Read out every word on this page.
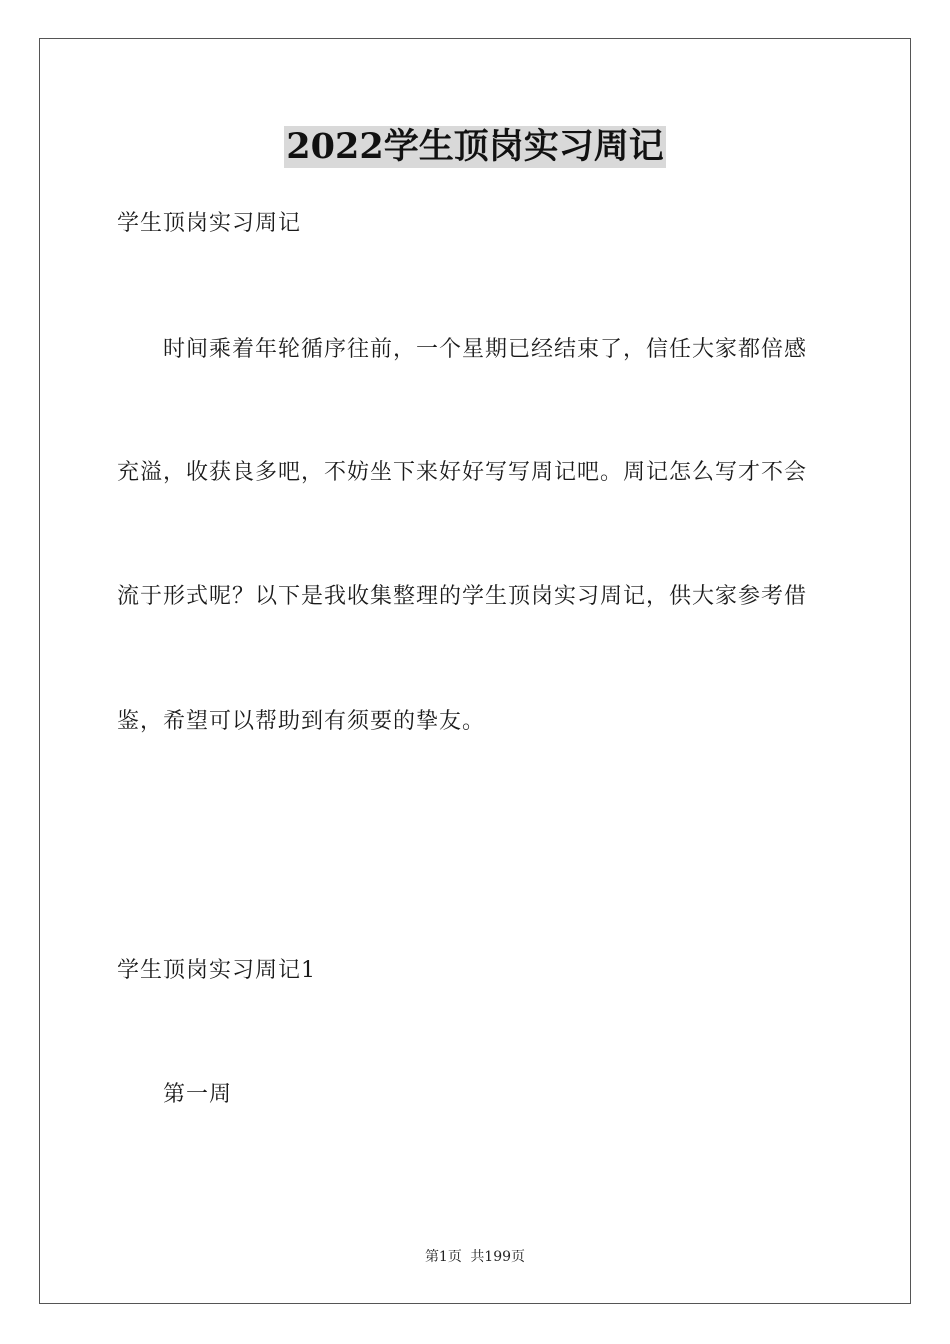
2022学生顶岗实习周记
学生顶岗实习周记
时间乘着年轮循序往前，一个星期已经结束了，信任大家都倍感
充溢，收获良多吧，不妨坐下来好好写写周记吧。周记怎么写才不会
流于形式呢？以下是我收集整理的学生顶岗实习周记，供大家参考借
鉴，希望可以帮助到有须要的挚友。
学生顶岗实习周记1
第一周
第1页 共199页
